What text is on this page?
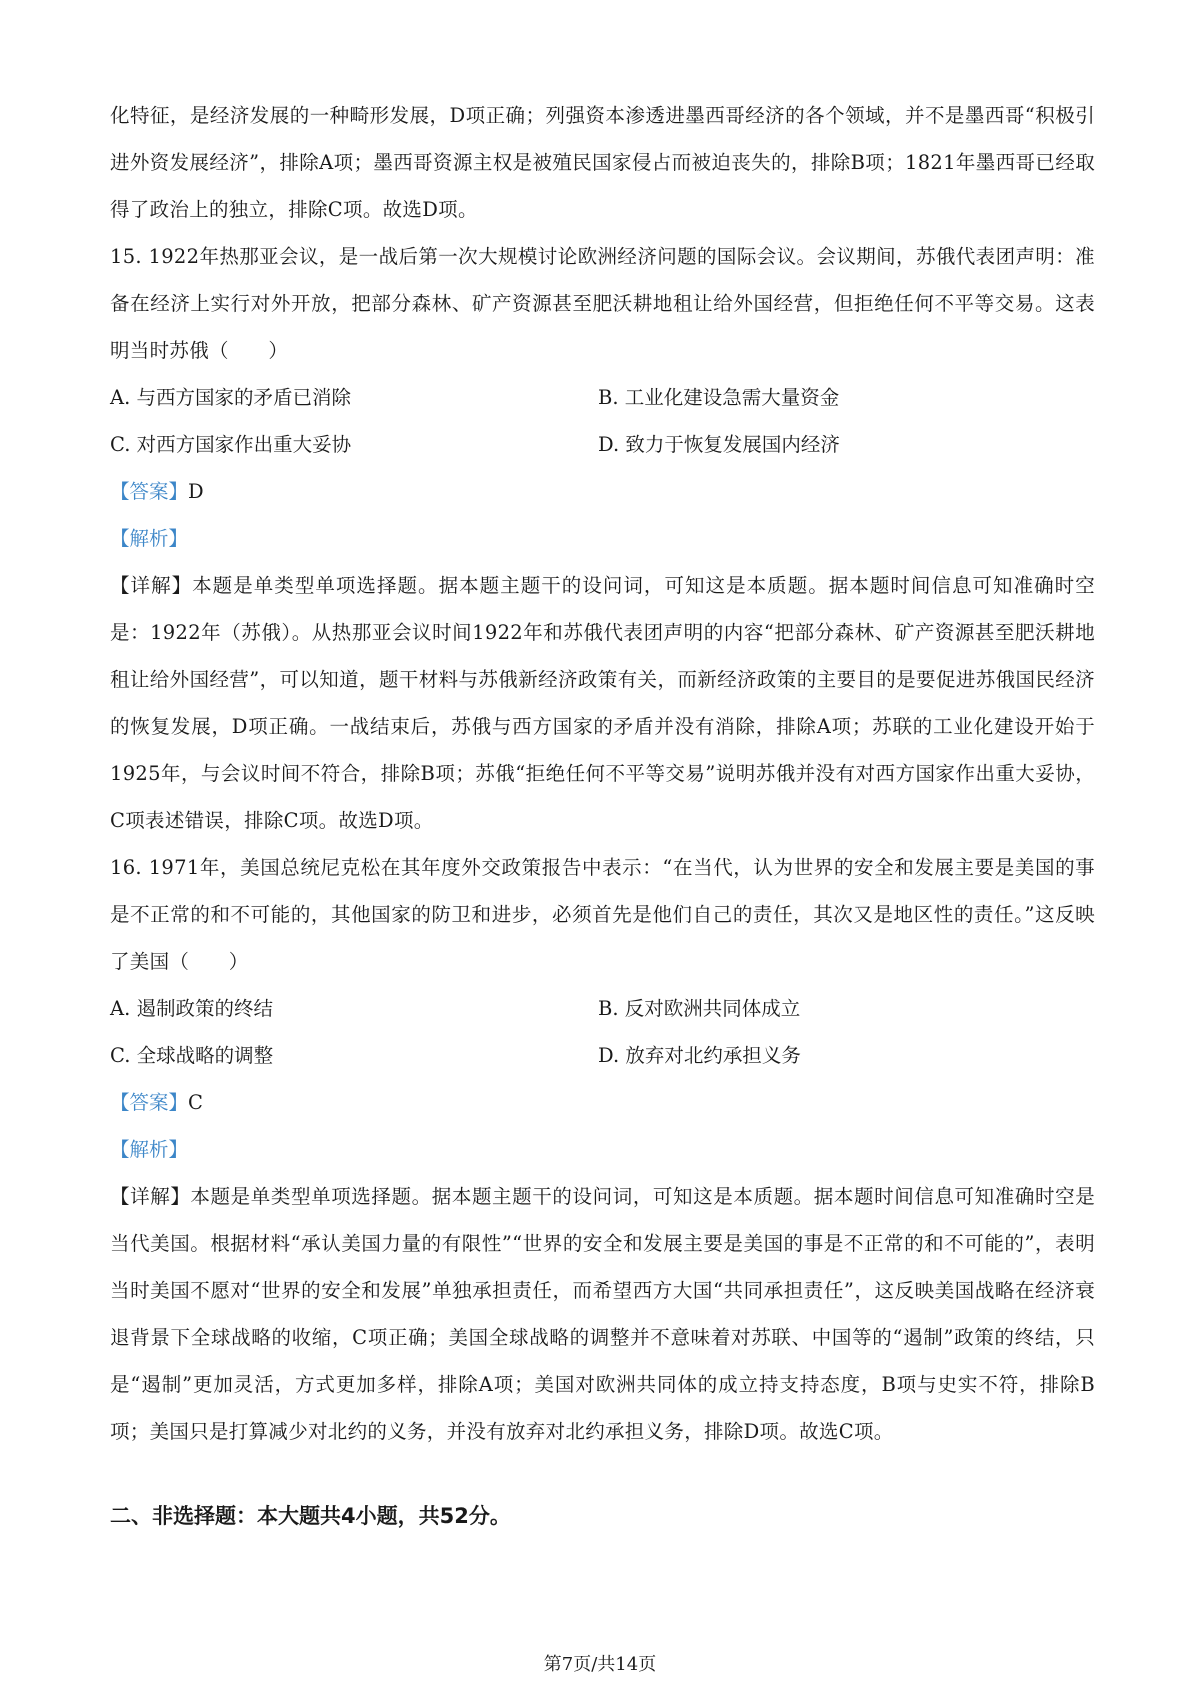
化特征，是经济发展的一种畸形发展，D项正确；列强资本渗透进墨西哥经济的各个领域，并不是墨西哥“积极引进外资发展经济”，排除A项；墨西哥资源主权是被殖民国家侵占而被迫丧失的，排除B项；1821年墨西哥已经取得了政治上的独立，排除C项。故选D项。

15. 1922年热那亚会议，是一战后第一次大规模讨论欧洲经济问题的国际会议。会议期间，苏俄代表团声明：准备在经济上实行对外开放，把部分森林、矿产资源甚至肥沃耕地租让给外国经营，但拒绝任何不平等交易。这表明当时苏俄（　　）

A. 与西方国家的矛盾已消除	B. 工业化建设急需大量资金
C. 对西方国家作出重大妥协	D. 致力于恢复发展国内经济

【答案】D

【解析】

【详解】本题是单类型单项选择题。据本题主题干的设问词，可知这是本质题。据本题时间信息可知准确时空是：1922年（苏俄）。从热那亚会议时间1922年和苏俄代表团声明的内容“把部分森林、矿产资源甚至肥沃耕地租让给外国经营”，可以知道，题干材料与苏俄新经济政策有关，而新经济政策的主要目的是要促进苏俄国民经济的恢复发展，D项正确。一战结束后，苏俄与西方国家的矛盾并没有消除，排除A项；苏联的工业化建设开始于1925年，与会议时间不符合，排除B项；苏俄“拒绝任何不平等交易”说明苏俄并没有对西方国家作出重大妥协，C项表述错误，排除C项。故选D项。

16. 1971年，美国总统尼克松在其年度外交政策报告中表示：“在当代，认为世界的安全和发展主要是美国的事是不正常的和不可能的，其他国家的防卫和进步，必须首先是他们自己的责任，其次又是地区性的责任。”这反映了美国（　　）

A. 遏制政策的终结	B. 反对欧洲共同体成立
C. 全球战略的调整	D. 放弃对北约承担义务

【答案】C

【解析】

【详解】本题是单类型单项选择题。据本题主题干的设问词，可知这是本质题。据本题时间信息可知准确时空是当代美国。根据材料“承认美国力量的有限性”“世界的安全和发展主要是美国的事是不正常的和不可能的”，表明当时美国不愿对“世界的安全和发展”单独承担责任，而希望西方大国“共同承担责任”，这反映美国战略在经济衰退背景下全球战略的收缩，C项正确；美国全球战略的调整并不意味着对苏联、中国等的“遏制”政策的终结，只是“遏制”更加灵活，方式更加多样，排除A项；美国对欧洲共同体的成立持支持态度，B项与史实不符，排除B项；美国只是打算减少对北约的义务，并没有放弃对北约承担义务，排除D项。故选C项。

二、非选择题：本大题共4小题，共52分。

第7页/共14页
